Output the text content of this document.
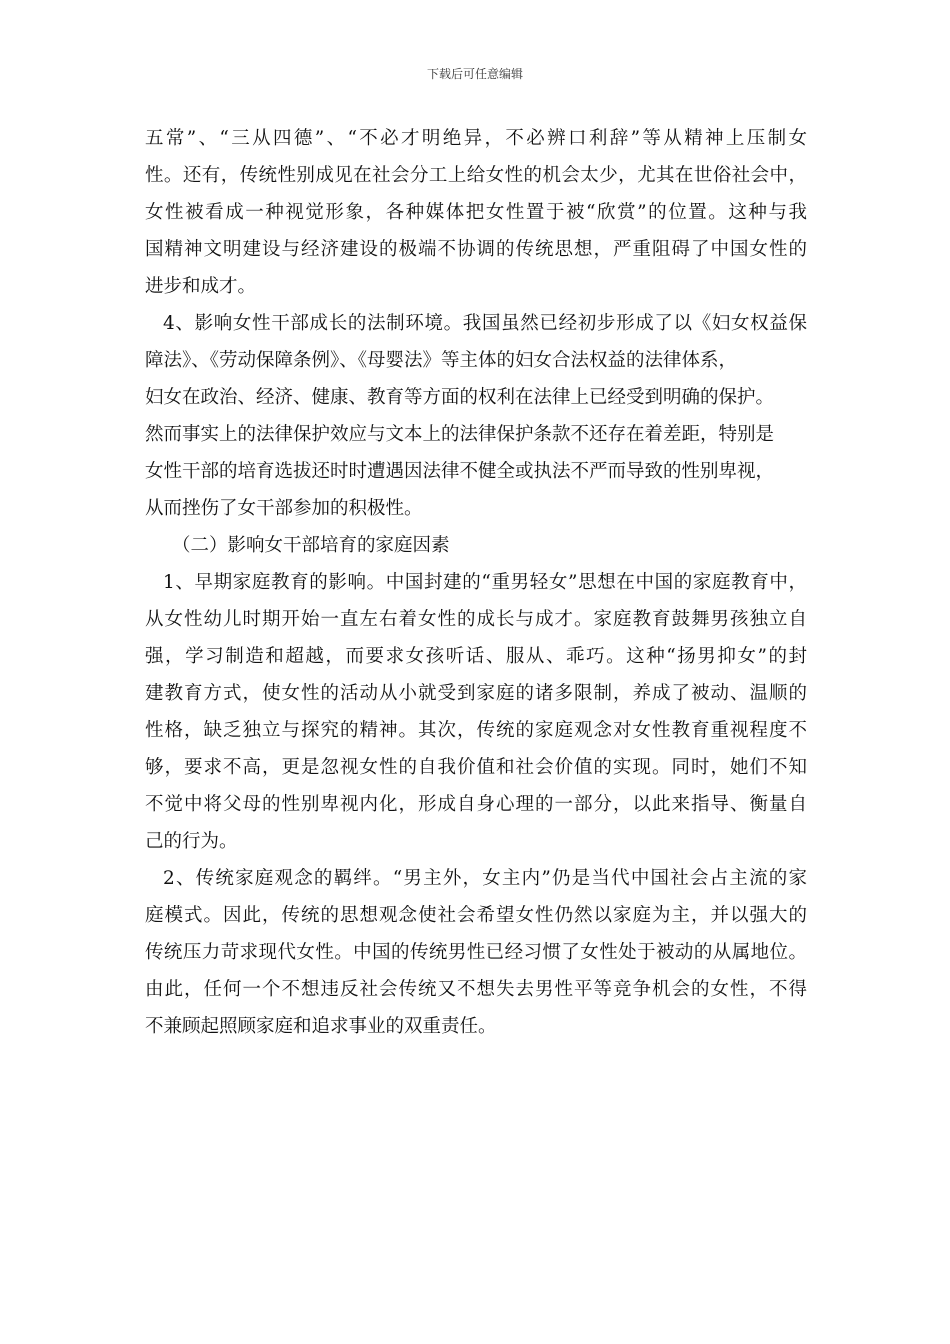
下载后可任意编辑
五常”、“三从四德”、“不必才明绝异，不必辨口利辞”等从精神上压制女
性。还有，传统性别成见在社会分工上给女性的机会太少，尤其在世俗社会中，
女性被看成一种视觉形象，各种媒体把女性置于被“欣赏”的位置。这种与我
国精神文明建设与经济建设的极端不协调的传统思想，严重阻碍了中国女性的
进步和成才。
4、影响女性干部成长的法制环境。我国虽然已经初步形成了以《妇女权益保
障法》、《劳动保障条例》、《母婴法》等主体的妇女合法权益的法律体系，
妇女在政治、经济、健康、教育等方面的权利在法律上已经受到明确的保护。
然而事实上的法律保护效应与文本上的法律保护条款不还存在着差距，特别是
女性干部的培育选拔还时时遭遇因法律不健全或执法不严而导致的性别卑视，
从而挫伤了女干部参加的积极性。
（二）影响女干部培育的家庭因素
1、早期家庭教育的影响。中国封建的“重男轻女”思想在中国的家庭教育中，
从女性幼儿时期开始一直左右着女性的成长与成才。家庭教育鼓舞男孩独立自
强，学习制造和超越，而要求女孩听话、服从、乖巧。这种“扬男抑女”的封
建教育方式，使女性的活动从小就受到家庭的诸多限制，养成了被动、温顺的
性格，缺乏独立与探究的精神。其次，传统的家庭观念对女性教育重视程度不
够，要求不高，更是忽视女性的自我价值和社会价值的实现。同时，她们不知
不觉中将父母的性别卑视内化，形成自身心理的一部分，以此来指导、衡量自
己的行为。
2、传统家庭观念的羁绊。“男主外，女主内”仍是当代中国社会占主流的家
庭模式。因此，传统的思想观念使社会希望女性仍然以家庭为主，并以强大的
传统压力苛求现代女性。中国的传统男性已经习惯了女性处于被动的从属地位。
由此，任何一个不想违反社会传统又不想失去男性平等竞争机会的女性，不得
不兼顾起照顾家庭和追求事业的双重责任。
